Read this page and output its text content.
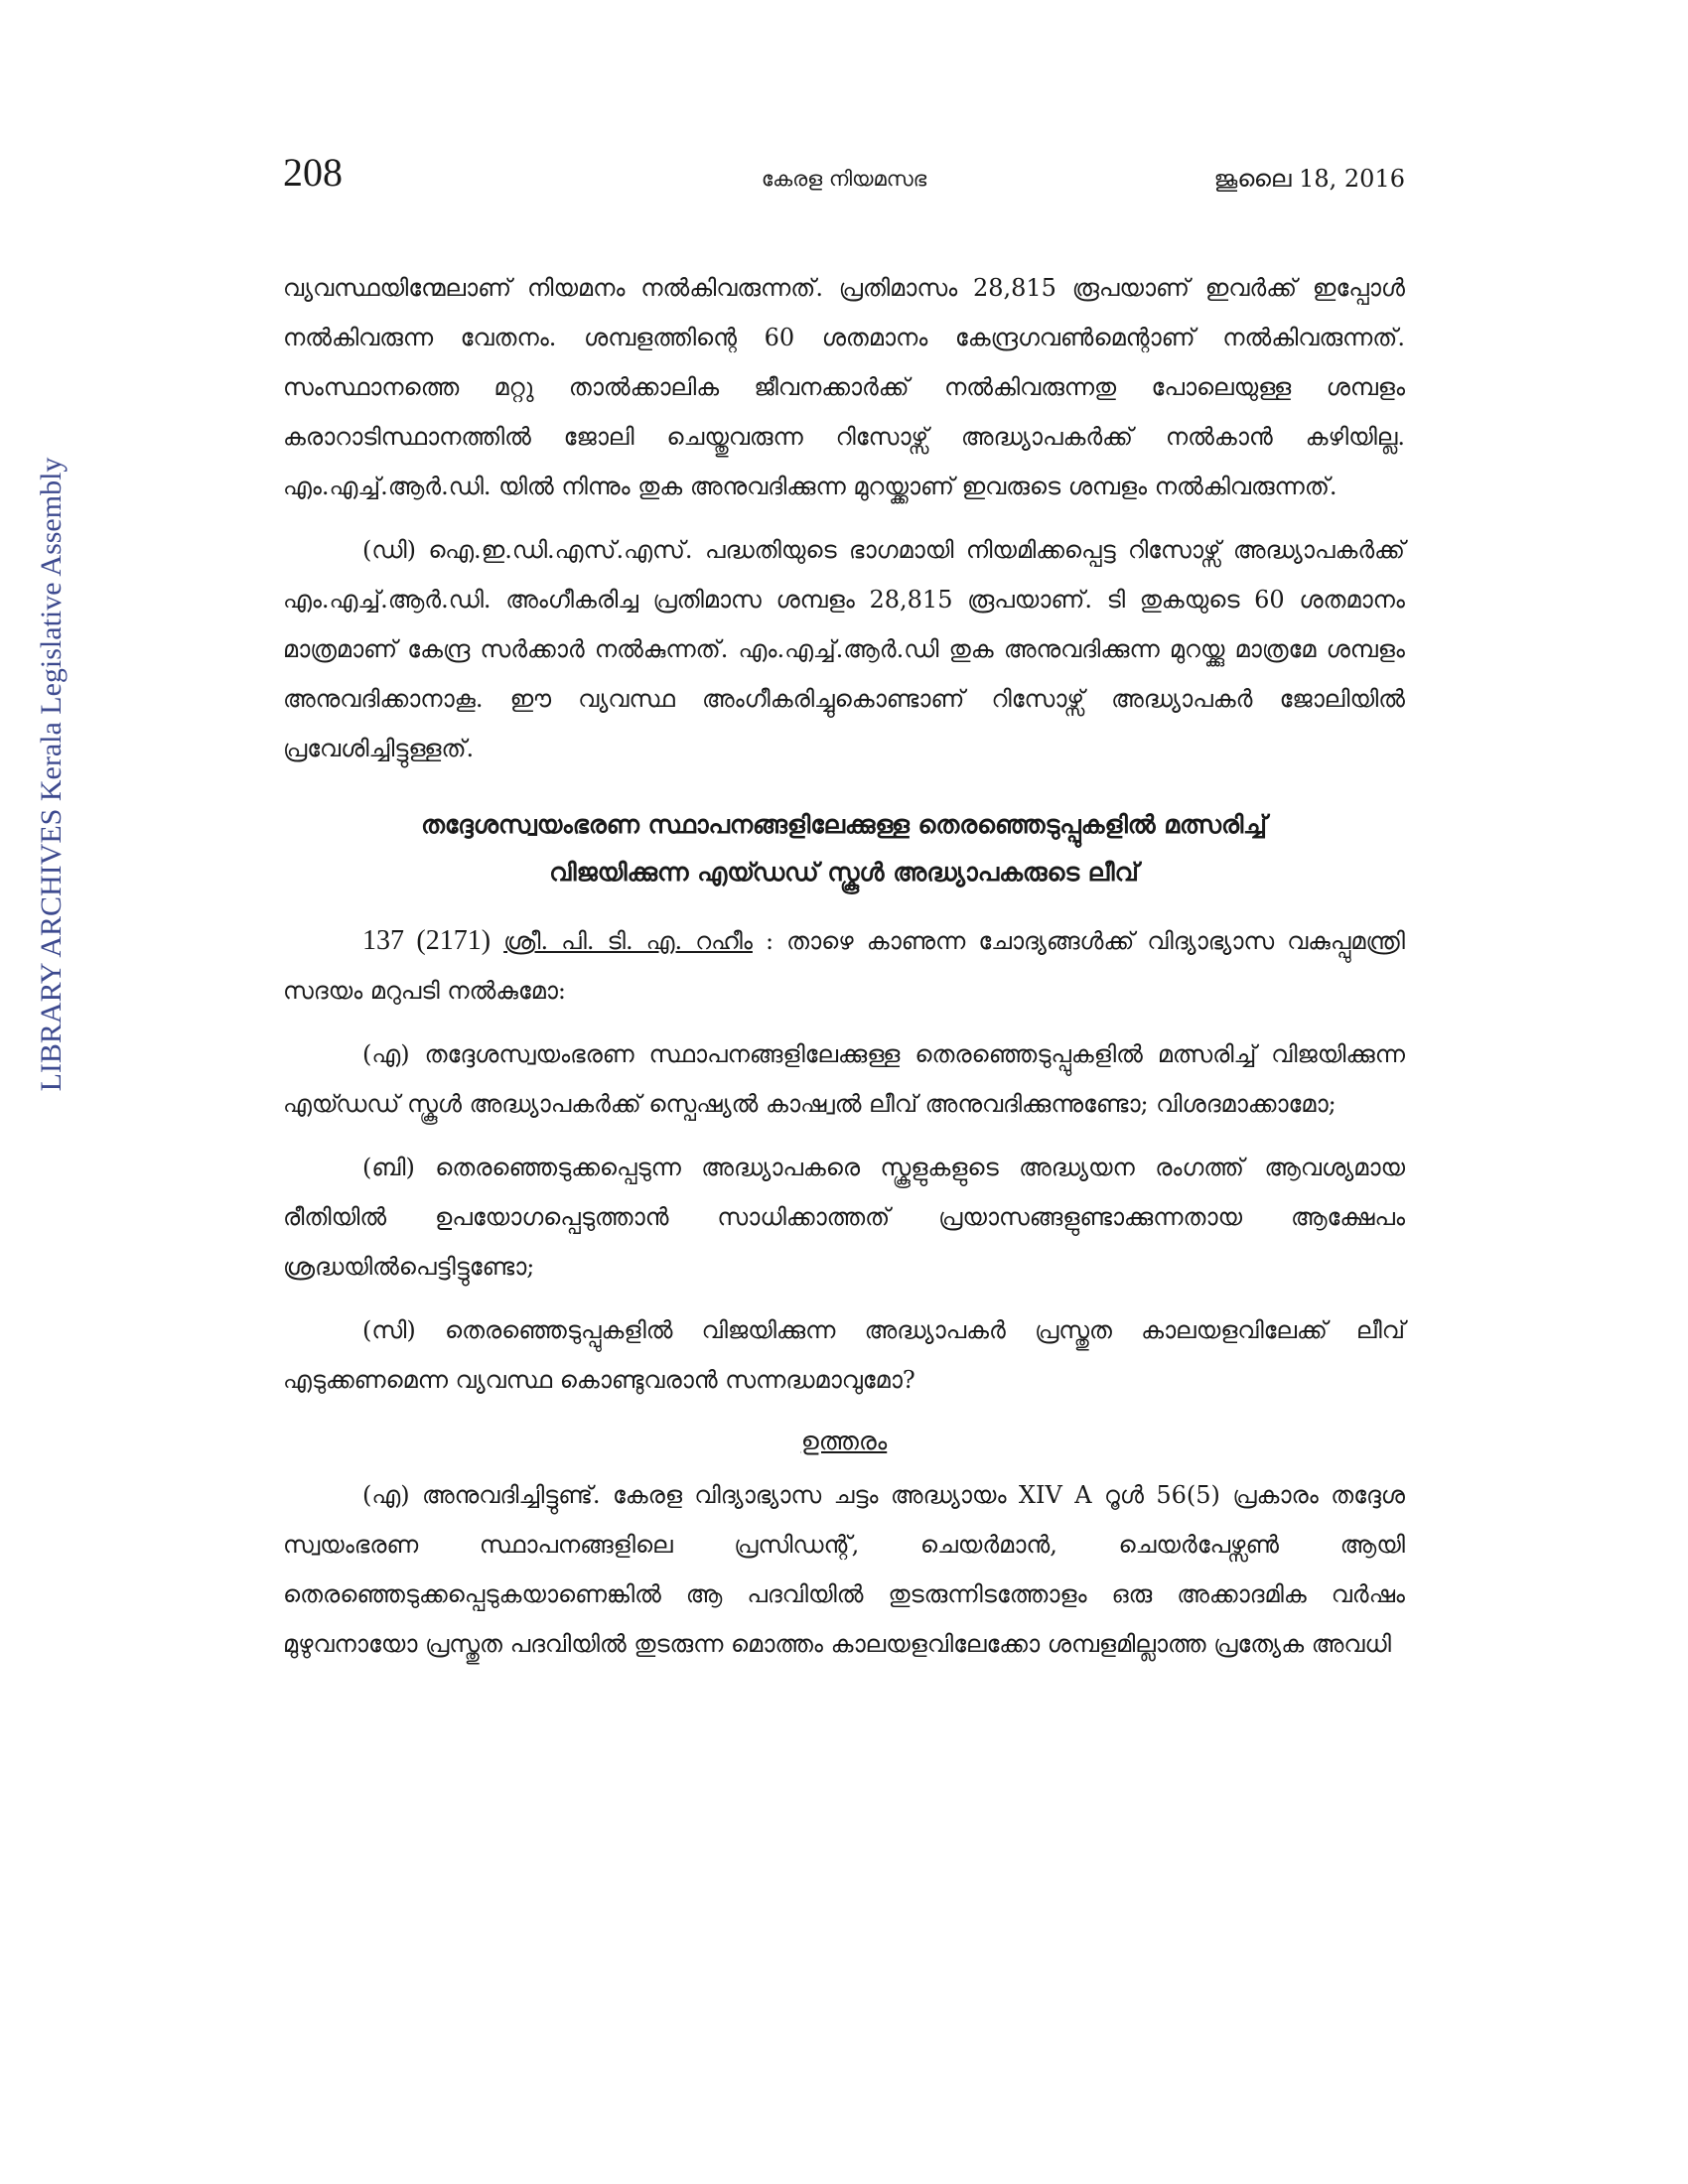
LIBRARY ARCHIVES Kerala Legislative Assembly
208	കേരള നിയമസഭ	ജൂലൈ 18, 2016

വ്യവസ്ഥയിന്മേലാണ് നിയമനം നൽകിവരുന്നത്. പ്രതിമാസം 28,815 രൂപയാണ് ഇവർക്ക് ഇപ്പോൾ നൽകിവരുന്ന വേതനം. ശമ്പളത്തിന്റെ 60 ശതമാനം കേന്ദ്രഗവൺമെന്റാണ് നൽകിവരുന്നത്. സംസ്ഥാനത്തെ മറ്റു താൽക്കാലിക ജീവനക്കാർക്ക് നൽകിവരുന്നതു പോലെയുള്ള ശമ്പളം കരാറാടിസ്ഥാനത്തിൽ ജോലി ചെയ്തുവരുന്ന റിസോഴ്സ് അദ്ധ്യാപകർക്ക് നൽകാൻ കഴിയില്ല. എം.എച്ച്.ആർ.ഡി. യിൽ നിന്നും തുക അനുവദിക്കുന്ന മുറയ്ക്കാണ് ഇവരുടെ ശമ്പളം നൽകിവരുന്നത്.

(ഡി) ഐ.ഇ.ഡി.എസ്.എസ്. പദ്ധതിയുടെ ഭാഗമായി നിയമിക്കപ്പെട്ട റിസോഴ്സ് അദ്ധ്യാപകർക്ക് എം.എച്ച്.ആർ.ഡി. അംഗീകരിച്ച പ്രതിമാസ ശമ്പളം 28,815 രൂപയാണ്. ടി തുകയുടെ 60 ശതമാനം മാത്രമാണ് കേന്ദ്ര സർക്കാർ നൽകുന്നത്. എം.എച്ച്.ആർ.ഡി തുക അനുവദിക്കുന്ന മുറയ്ക്കു മാത്രമേ ശമ്പളം അനുവദിക്കാനാകൂ. ഈ വ്യവസ്ഥ അംഗീകരിച്ചുകൊണ്ടാണ് റിസോഴ്സ് അദ്ധ്യാപകർ ജോലിയിൽ പ്രവേശിച്ചിട്ടുള്ളത്.

തദ്ദേശസ്വയംഭരണ സ്ഥാപനങ്ങളിലേക്കുള്ള തെരഞ്ഞെടുപ്പുകളിൽ മത്സരിച്ച്
വിജയിക്കുന്ന എയ്ഡഡ് സ്കൂൾ അദ്ധ്യാപകരുടെ ലീവ്

137 (2171) ശ്രീ. പി. ടി. എ. റഹീം : താഴെ കാണുന്ന ചോദ്യങ്ങൾക്ക് വിദ്യാഭ്യാസ വകുപ്പുമന്ത്രി സദയം മറുപടി നൽകുമോ:

(എ) തദ്ദേശസ്വയംഭരണ സ്ഥാപനങ്ങളിലേക്കുള്ള തെരഞ്ഞെടുപ്പുകളിൽ മത്സരിച്ച് വിജയിക്കുന്ന എയ്ഡഡ് സ്കൂൾ അദ്ധ്യാപകർക്ക് സ്പെഷ്യൽ കാഷ്വൽ ലീവ് അനുവദിക്കുന്നുണ്ടോ; വിശദമാക്കാമോ;

(ബി) തെരഞ്ഞെടുക്കപ്പെടുന്ന അദ്ധ്യാപകരെ സ്കൂളുകളുടെ അദ്ധ്യയന രംഗത്ത് ആവശ്യമായ രീതിയിൽ ഉപയോഗപ്പെടുത്താൻ സാധിക്കാത്തത് പ്രയാസങ്ങളുണ്ടാക്കുന്നതായ ആക്ഷേപം ശ്രദ്ധയിൽപെട്ടിട്ടുണ്ടോ;

(സി) തെരഞ്ഞെടുപ്പുകളിൽ വിജയിക്കുന്ന അദ്ധ്യാപകർ പ്രസ്തുത കാലയളവിലേക്ക് ലീവ് എടുക്കണമെന്ന വ്യവസ്ഥ കൊണ്ടുവരാൻ സന്നദ്ധമാവുമോ?

ഉത്തരം

(എ) അനുവദിച്ചിട്ടുണ്ട്. കേരള വിദ്യാഭ്യാസ ചട്ടം അദ്ധ്യായം XIV A റൂൾ 56(5) പ്രകാരം തദ്ദേശ സ്വയംഭരണ സ്ഥാപനങ്ങളിലെ പ്രസിഡന്റ്, ചെയർമാൻ, ചെയർപേഴ്സൺ ആയി തെരഞ്ഞെടുക്കപ്പെടുകയാണെങ്കിൽ ആ പദവിയിൽ തുടരുന്നിടത്തോളം ഒരു അക്കാദമിക വർഷം മുഴുവനായോ പ്രസ്തുത പദവിയിൽ തുടരുന്ന മൊത്തം കാലയളവിലേക്കോ ശമ്പളമില്ലാത്ത പ്രത്യേക അവധി
